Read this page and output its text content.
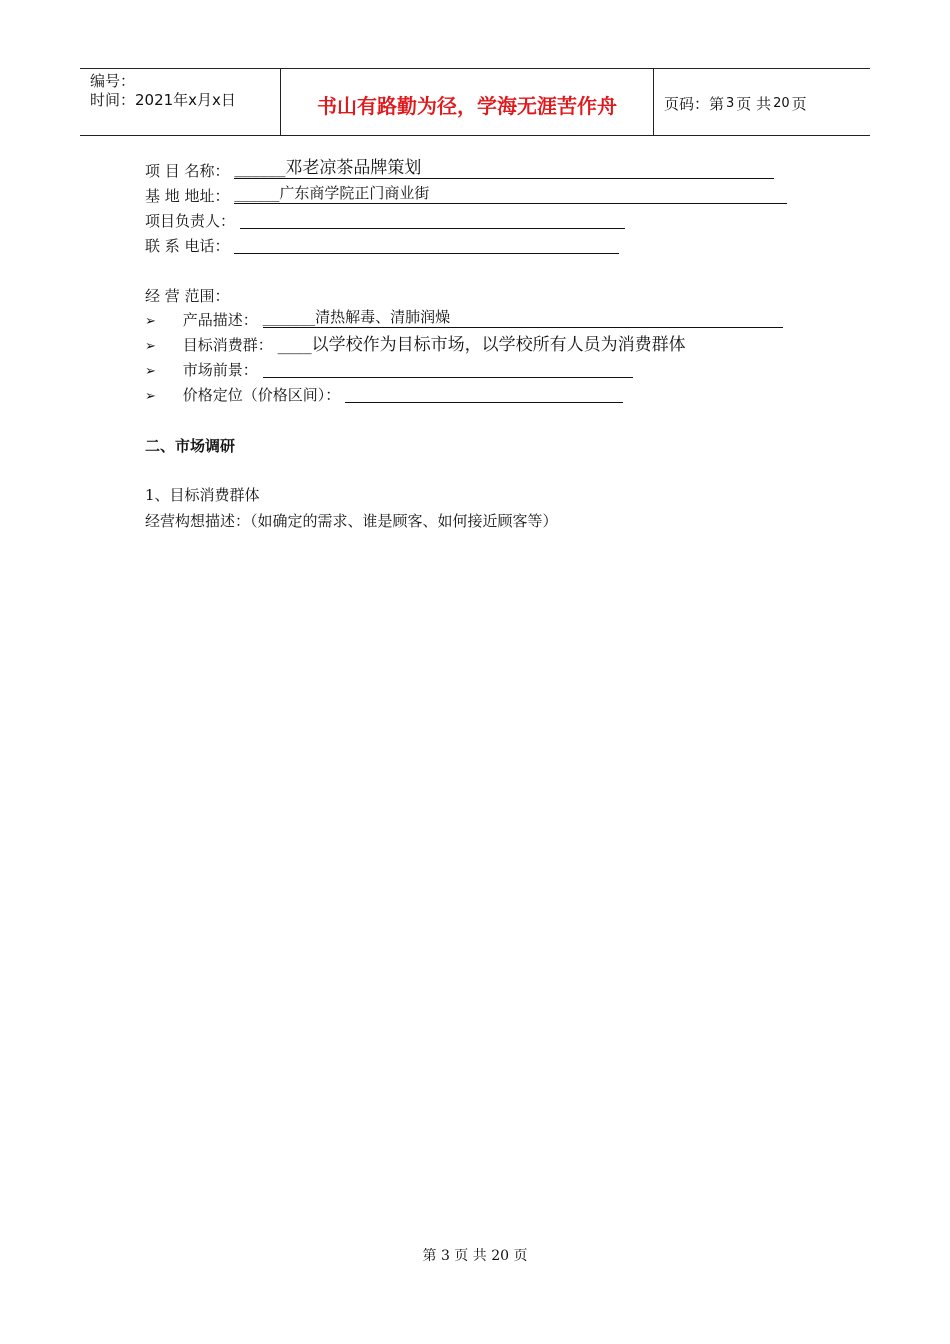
编号：
时间：2021年x月x日	书山有路勤为径，学海无涯苦作舟	页码：第 3 页 共 20 页
项 目 名称： ______邓老凉茶品牌策划
基 地 地址： ______广东商学院正门商业街
项目负责人：
联 系 电话：
经 营 范围：
➢ 产品描述： _______清热解毒、清肺润燥
➢ 目标消费群： ____以学校作为目标市场，以学校所有人员为消费群体
➢ 市场前景：
➢ 价格定位（价格区间）：
二、市场调研
1、目标消费群体
经营构想描述：（如确定的需求、谁是顾客、如何接近顾客等）
第 3 页 共 20 页
